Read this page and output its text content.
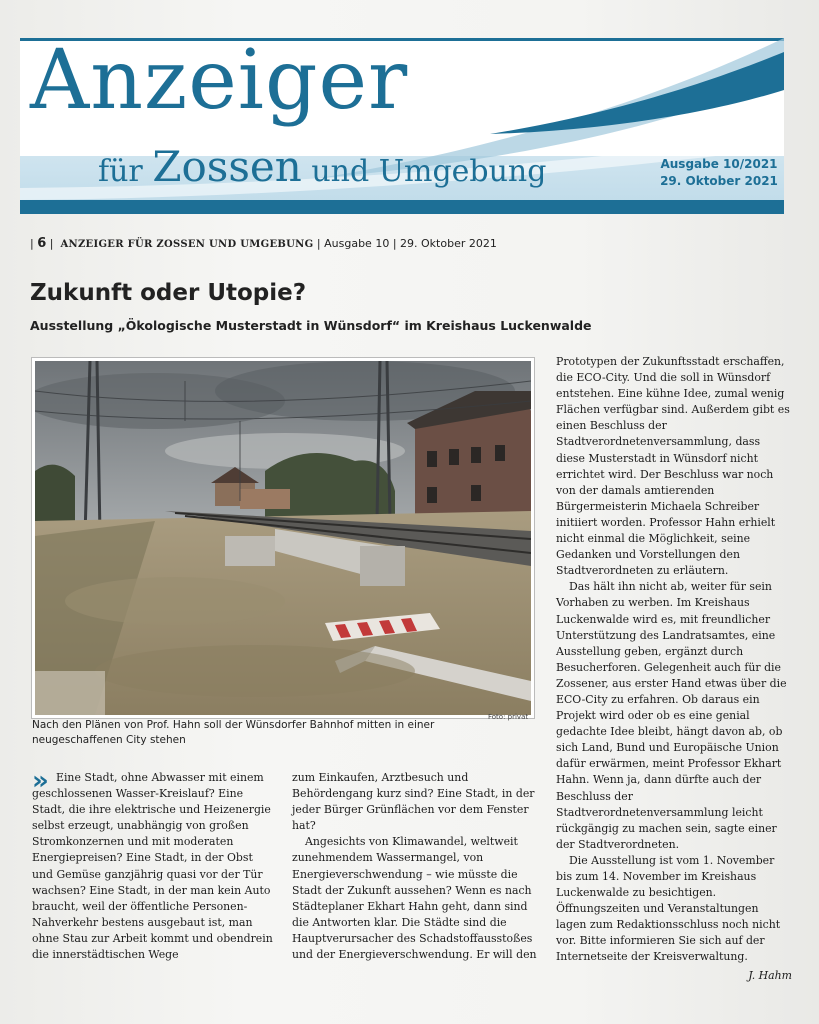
Anzeiger
für Zossen und Umgebung	Ausgabe 10/2021
29. Oktober 2021
| 6 |  ANZEIGER FÜR ZOSSEN UND UMGEBUNG | Ausgabe 10 | 29. Oktober 2021
Zukunft oder Utopie?
Ausstellung „Ökologische Musterstadt in Wünsdorf“ im Kreishaus Luckenwalde
Foto: privat
Nach den Plänen von Prof. Hahn soll der Wünsdorfer Bahnhof mitten in einer neugeschaffenen City stehen
» Eine Stadt, ohne Abwasser mit einem geschlossenen Wasser-Kreislauf? Eine Stadt, die ihre elektrische und Heizenergie selbst erzeugt, unabhängig von großen Stromkonzernen und mit moderaten Energiepreisen? Eine Stadt, in der Obst und Gemüse ganzjährig quasi vor der Tür wachsen? Eine Stadt, in der man kein Auto braucht, weil der öffentliche Personen-Nahverkehr bestens ausgebaut ist, man ohne Stau zur Arbeit kommt und obendrein die innerstädtischen Wege

zum Einkaufen, Arztbesuch und Behördengang kurz sind? Eine Stadt, in der jeder Bürger Grünflächen vor dem Fenster hat?

Angesichts von Klimawandel, weltweit zunehmendem Wassermangel, von Energieverschwendung – wie müsste die Stadt der Zukunft aussehen? Wenn es nach Städteplaner Ekhart Hahn geht, dann sind die Antworten klar. Die Städte sind die Hauptverursacher des Schadstoffausstoßes und der Energieverschwendung. Er will den

Prototypen der Zukunftsstadt erschaffen, die ECO-City. Und die soll in Wünsdorf entstehen. Eine kühne Idee, zumal wenig Flächen verfügbar sind. Außerdem gibt es einen Beschluss der Stadtverordnetenversammlung, dass diese Musterstadt in Wünsdorf nicht errichtet wird. Der Beschluss war noch von der damals amtierenden Bürgermeisterin Michaela Schreiber initiiert worden. Professor Hahn erhielt nicht einmal die Möglichkeit, seine Gedanken und Vorstellungen den Stadtverordneten zu erläutern.

Das hält ihn nicht ab, weiter für sein Vorhaben zu werben. Im Kreishaus Luckenwalde wird es, mit freundlicher Unterstützung des Landratsamtes, eine Ausstellung geben, ergänzt durch Besucherforen. Gelegenheit auch für die Zossener, aus erster Hand etwas über die ECO-City zu erfahren. Ob daraus ein Projekt wird oder ob es eine genial gedachte Idee bleibt, hängt davon ab, ob sich Land, Bund und Europäische Union dafür erwärmen, meint Professor Ekhart Hahn. Wenn ja, dann dürfte auch der Beschluss der Stadtverordnetenversammlung leicht rückgängig zu machen sein, sagte einer der Stadtverordneten.

Die Ausstellung ist vom 1. November bis zum 14. November im Kreishaus Luckenwalde zu besichtigen. Öffnungszeiten und Veranstaltungen lagen zum Redaktionsschluss noch nicht vor. Bitte informieren Sie sich auf der Internetseite der Kreisverwaltung.

J. Hahm
